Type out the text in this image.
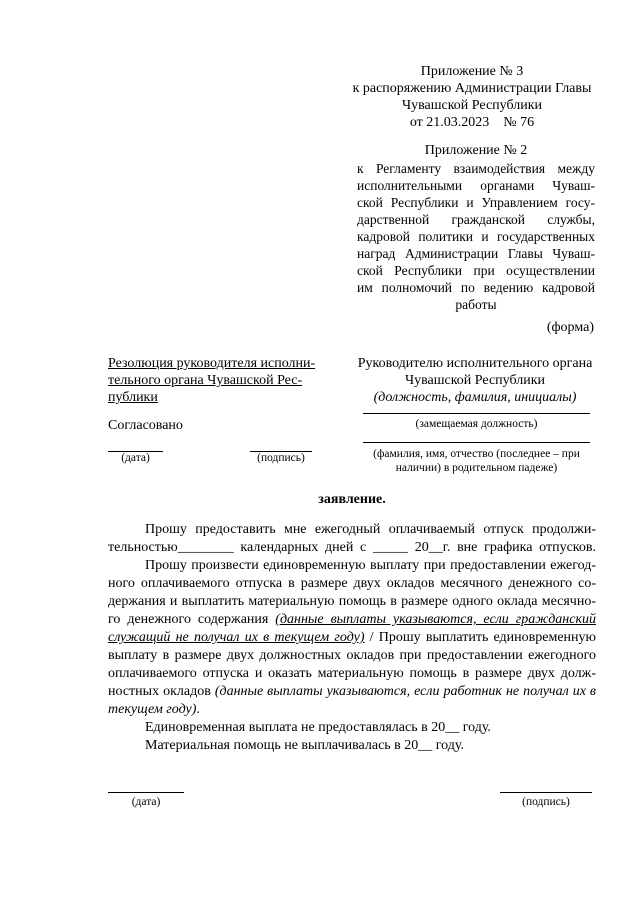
Приложение № 3
к распоряжению Администрации Главы
Чувашской Республики
от 21.03.2023    № 76
Приложение № 2
к  Регламенту  взаимодействия  между
исполнительными  органами  Чуваш-
ской Республики и Управлением госу-
дарственной   гражданской   службы,
кадровой политики и государственных
наград  Администрации  Главы  Чуваш-
ской  Республики  при  осуществлении
им  полномочий  по  ведению  кадровой
работы
(форма)
Резолюция руководителя исполни-
тельного органа Чувашской Рес-
публики
Согласовано
(дата)	(подпись)
Руководителю исполнительного органа
Чувашской Республики
(должность, фамилия, инициалы)
(замещаемая должность)
(фамилия, имя, отчество (последнее – при
наличии) в родительном падеже)
заявление.
Прошу предоставить мне ежегодный оплачиваемый отпуск продолжи-
тельностью________ календарных дней с _____ 20__г. вне графика отпусков.
Прошу произвести единовременную выплату при предоставлении ежегод-
ного оплачиваемого отпуска в размере двух окладов месячного денежного со-
держания и выплатить материальную помощь в размере одного оклада месячно-
го денежного содержания (данные выплаты указываются, если гражданский
служащий не получал их в текущем году) / Прошу выплатить единовременную
выплату в размере двух должностных окладов при предоставлении ежегодного
оплачиваемого отпуска и оказать материальную помощь в размере двух долж-
ностных окладов (данные выплаты указываются, если работник не получал их в
текущем году).
Единовременная выплата не предоставлялась в 20__ году.
Материальная помощь не выплачивалась в 20__ году.
(дата)	(подпись)
